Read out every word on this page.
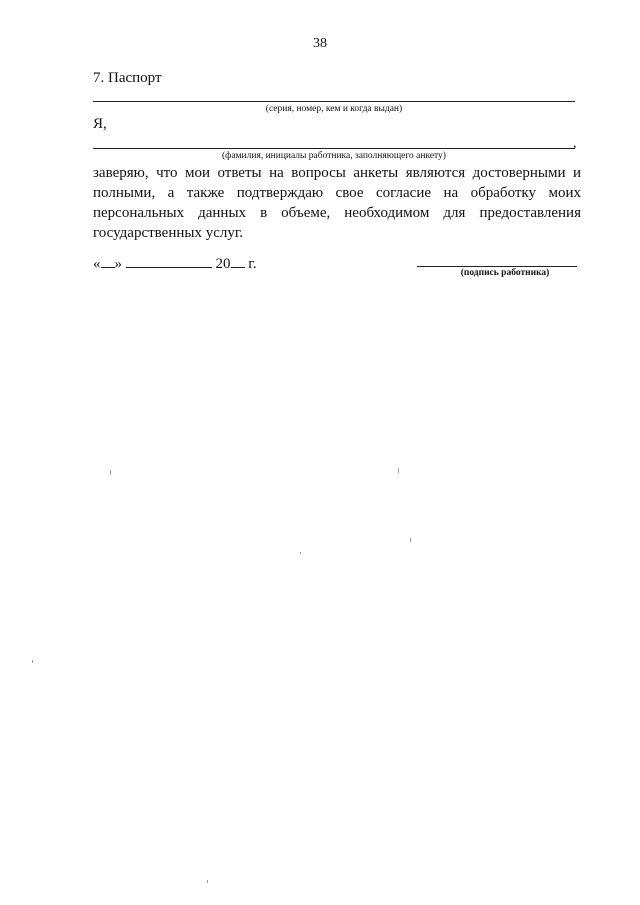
38
7. Паспорт
(серия, номер, кем и когда выдан)
Я,
,
(фамилия, инициалы работника, заполняющего анкету)
заверяю, что мои ответы на вопросы анкеты являются достоверными и полными, а также подтверждаю свое согласие на обработку моих персональных данных в объеме, необходимом для предоставления государственных услуг.
« »	20 г.
(подпись работника)
